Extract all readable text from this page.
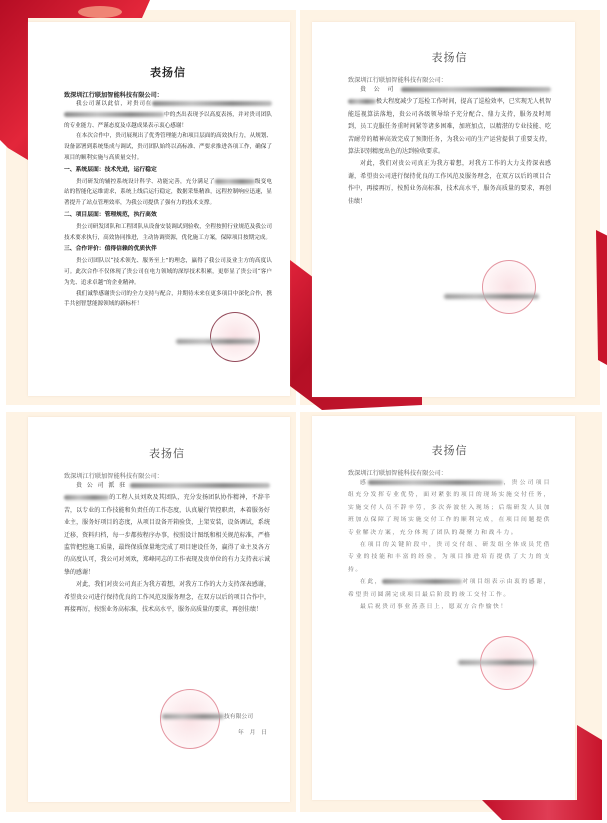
表扬信
致深圳江行联加智能科技有限公司：

我公司谨以此信，对贵司在中的杰出表现予以高度表扬，并对贵司团队的专业能力、严谨态度及卓越成果表示衷心感谢！

在本次合作中，贵司展现出了优秀管理能力和项目层面的高效执行力，从规划、设备部署到系统集成与调试，贵司团队始终以高标准、严要求推进各项工作，确保了项目的顺利实施与高质量交付。

一、系统层面：技术先进，运行稳定

贵司研发的辅控系统设计科学、功能完善，充分满足了	级变电站的智能化运维需求，系统上线后运行稳定，数据采集精准，远程控制响应迅速，显著提升了站点管理效率，为我公司提供了强有力的技术支撑。

二、项目层面：管理规范，执行高效

贵公司研发团队和工程团队从设备安装调试到验收，全程按照行业规范及我公司技术要求执行，高效协同推进，主动协调资源，优化施工方案，保障项目按期完成。

三、合作评价：值得信赖的优质伙伴

贵公司团队以“技术领先、服务至上”的理念，赢得了我公司及业主方的高度认可。此次合作不仅体现了贵公司在电力领域的深厚技术积累，更彰显了贵公司“客户为先、追求卓越”的企业精神。

我们诚挚感谢贵公司的全力支持与配合，并期待未来在更多项目中深化合作，携手共创智慧能源领域的新标杆！

表扬信
致深圳江行联加智能科技有限公司：

贵公司极大程度减少了巡检工作时间，提高了巡检效率，已实现无人机智能巡视算法落地，贵公司各级领导给予充分配合、鼎力支持，服务及时周到，员工克服任务重时间紧等诸多困难，加班加点，以精湛的专业技能、吃苦耐劳的精神高效完成了预期任务，为我公司的生产运营提供了重要支持，算法识别精度出色的达到验收要求。

对此，我们对贵公司真正为我方着想，对我方工作的大力支持深表感谢，希望贵公司进行保持优良的工作风范及服务理念，在双方以后的项目合作中，再接再厉，按照业务高标准，技术高水平，服务高质量的要求，再创佳绩！

表扬信
致深圳江行联加智能科技有限公司：

贵公司派驻的工程人员刘欢及其团队，充分发扬团队协作精神，不辞辛苦，以专业的工作技能和负责任的工作态度，认真履行管控职责，本着服务好业主，服务好项目的态度，从项目设备开箱验货，上架安装，设备调试，系统迁移，资料归档，每一步都按程序办事，按照设计图纸和相关规范标准，严格监管把控施工质量，最终保质保量地完成了项目建设任务，赢得了业主及各方的高度认可，我公司对刘欢，郑峰同志的工作表现及贵单位的有力支持表示诚挚的感谢！

对此，我们对贵公司真正为我方着想，对我方工作的大力支持深表感谢，希望贵公司进行保持优良的工作风范及服务理念，在双方以后的项目合作中，再接再厉，按照业务高标准，技术高水平，服务高质量的要求，再创佳绩！

技有限公司
年　月　日
表扬信
致深圳江行联加智能科技有限公司：

感	，贵公司项目组充分发挥专业优势，面对紧张的项目的现场实施交付任务，实施交付人员不辞辛劳，多次奔波驻入现场；后端研发人员加班加点保障了现场实施交付工作的顺利完成，在项目间题提供专业解决方案，充分体现了团队的凝聚力和战斗力。

在项目的关键阶段中，贵司交付组、研发组全体成员凭借专业的技能和丰富的经验，为项目推进培育提供了大力的支持。

在此，	对项目组表示由衷的感谢，希望贵司圆满完成项目最后阶段的竣工交付工作。

最后祝贵司事业蒸蒸日上，愿双方合作愉快！
